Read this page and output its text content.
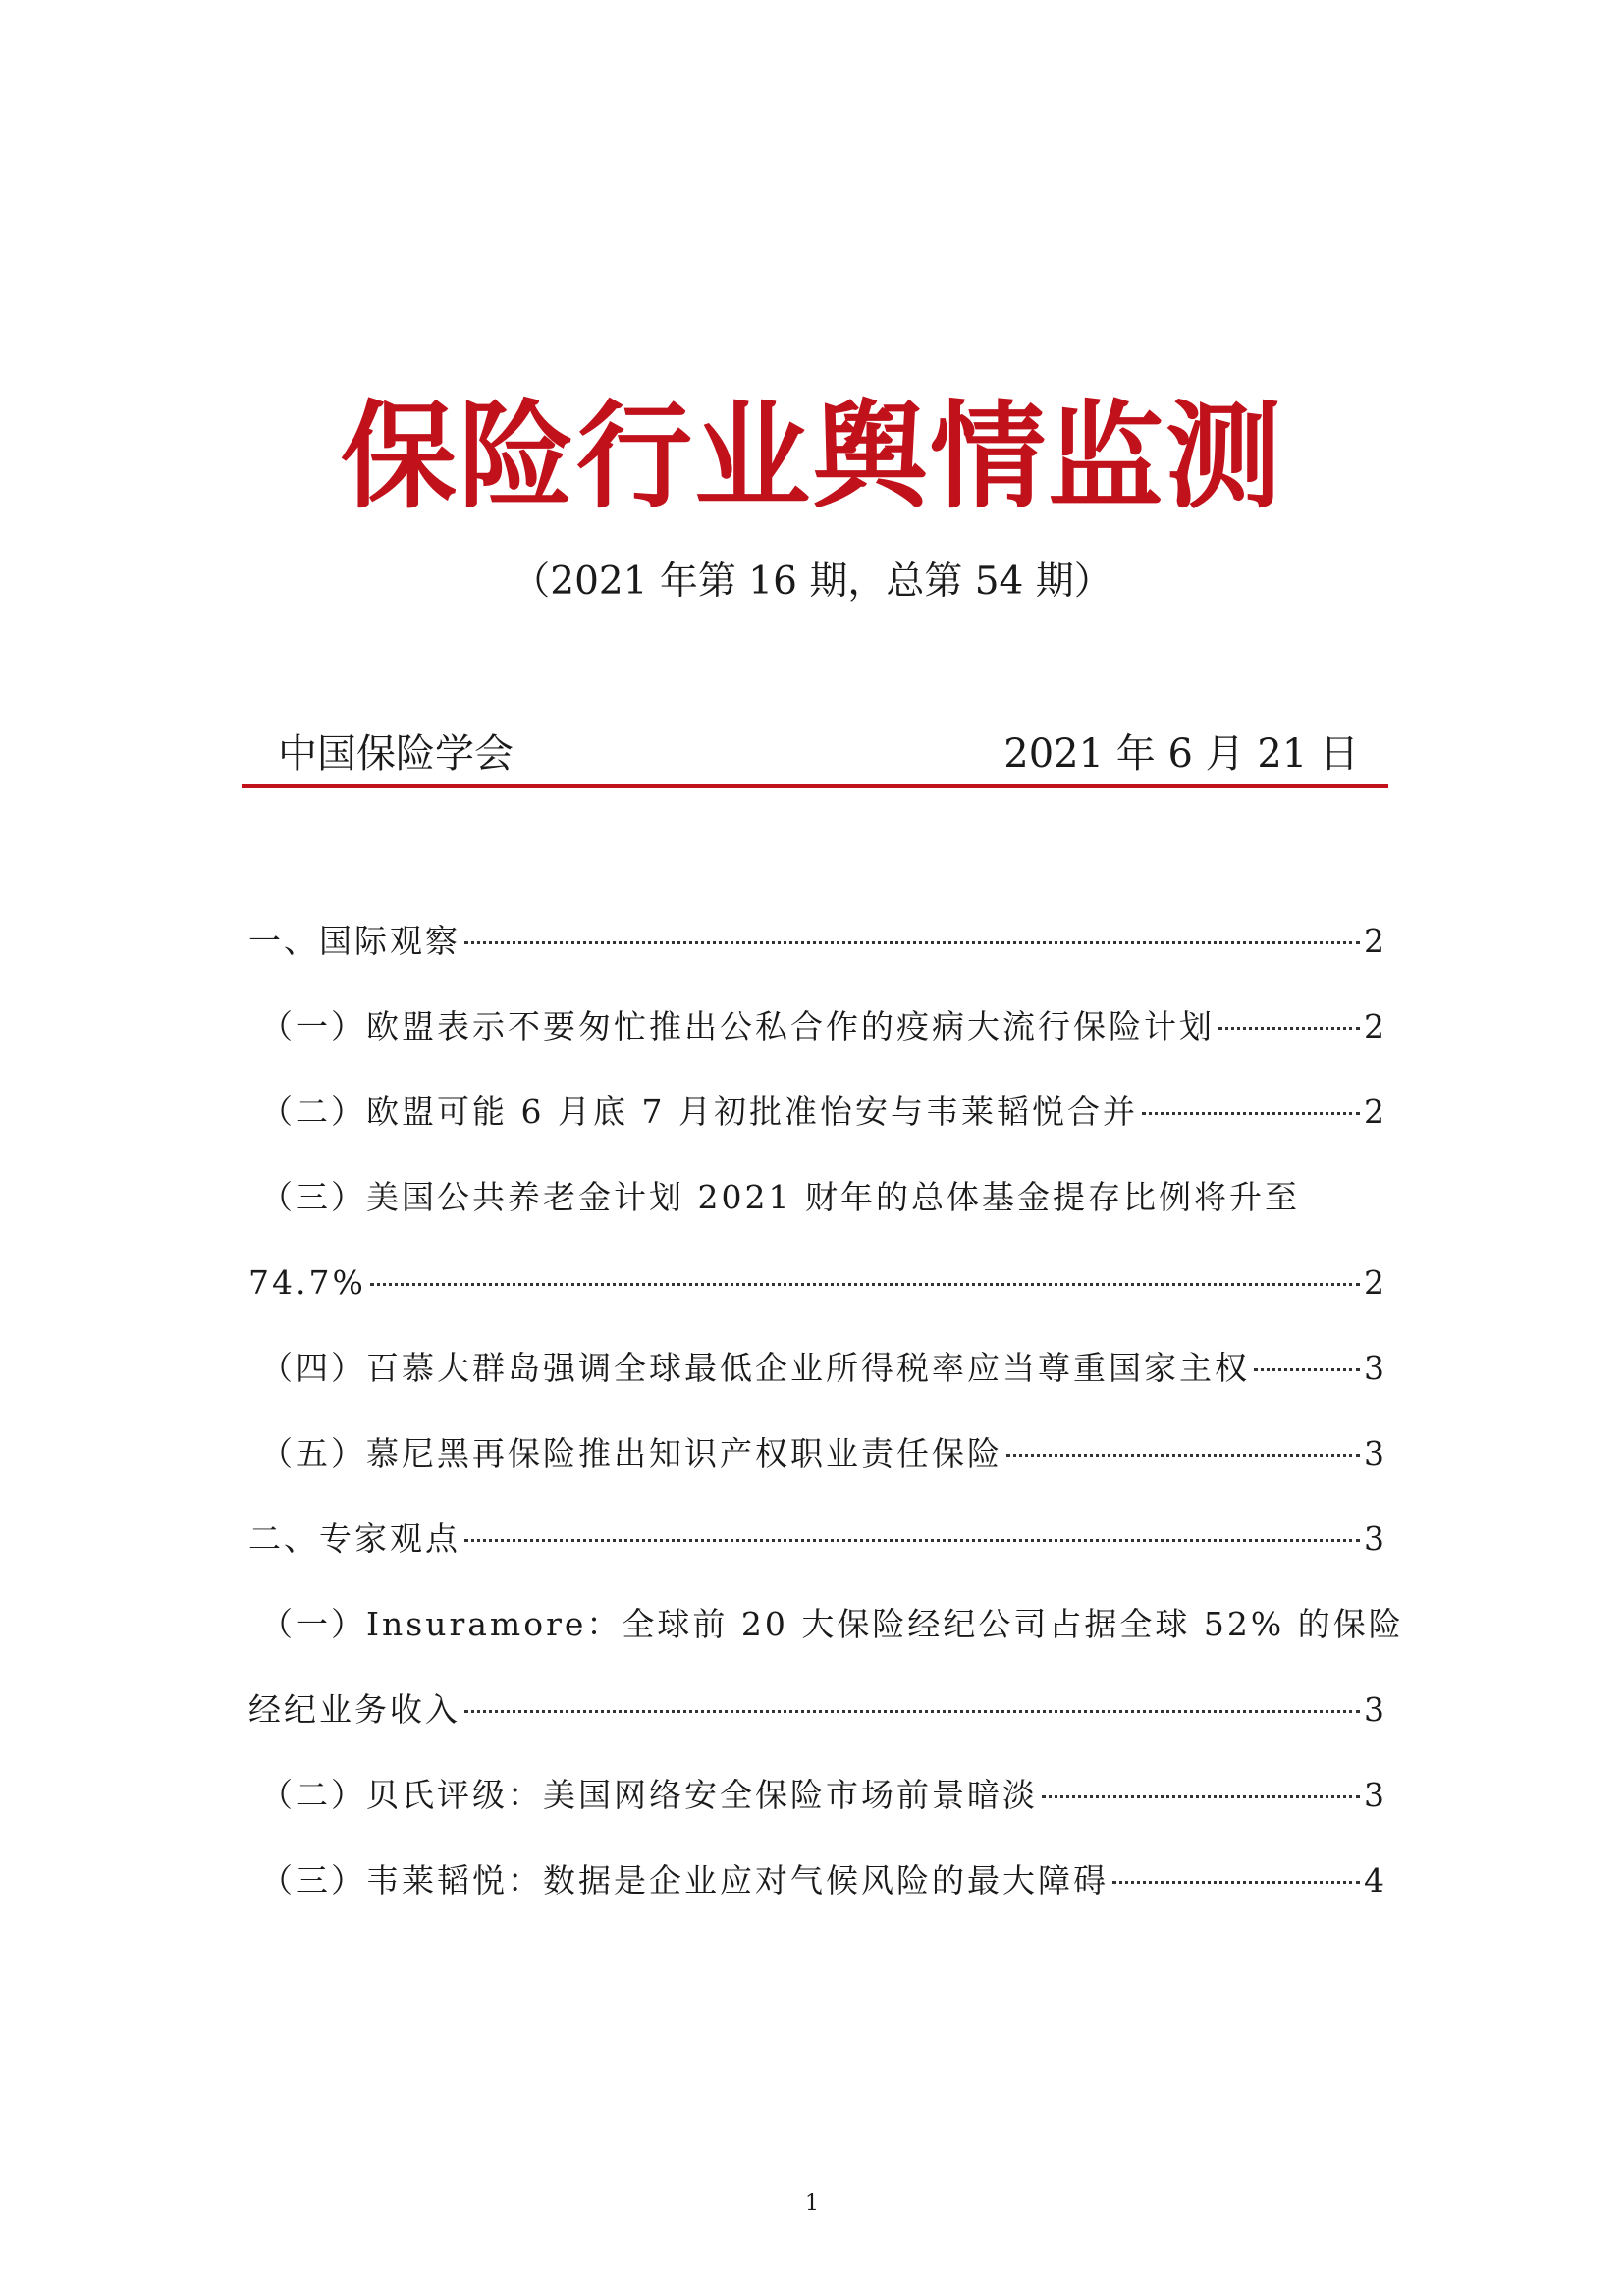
保险行业舆情监测
（2021 年第 16 期，总第 54 期）
中国保险学会	2021 年 6 月 21 日
一、国际观察	2
（一）欧盟表示不要匆忙推出公私合作的疫病大流行保险计划	2
（二）欧盟可能 6 月底 7 月初批准怡安与韦莱韬悦合并	2
（三）美国公共养老金计划 2021 财年的总体基金提存比例将升至
74.7%	2
（四）百慕大群岛强调全球最低企业所得税率应当尊重国家主权	3
（五）慕尼黑再保险推出知识产权职业责任保险	3
二、专家观点	3
（一）Insuramore：全球前 20 大保险经纪公司占据全球 52% 的保险
经纪业务收入	3
（二）贝氏评级：美国网络安全保险市场前景暗淡	3
（三）韦莱韬悦：数据是企业应对气候风险的最大障碍	4
1
